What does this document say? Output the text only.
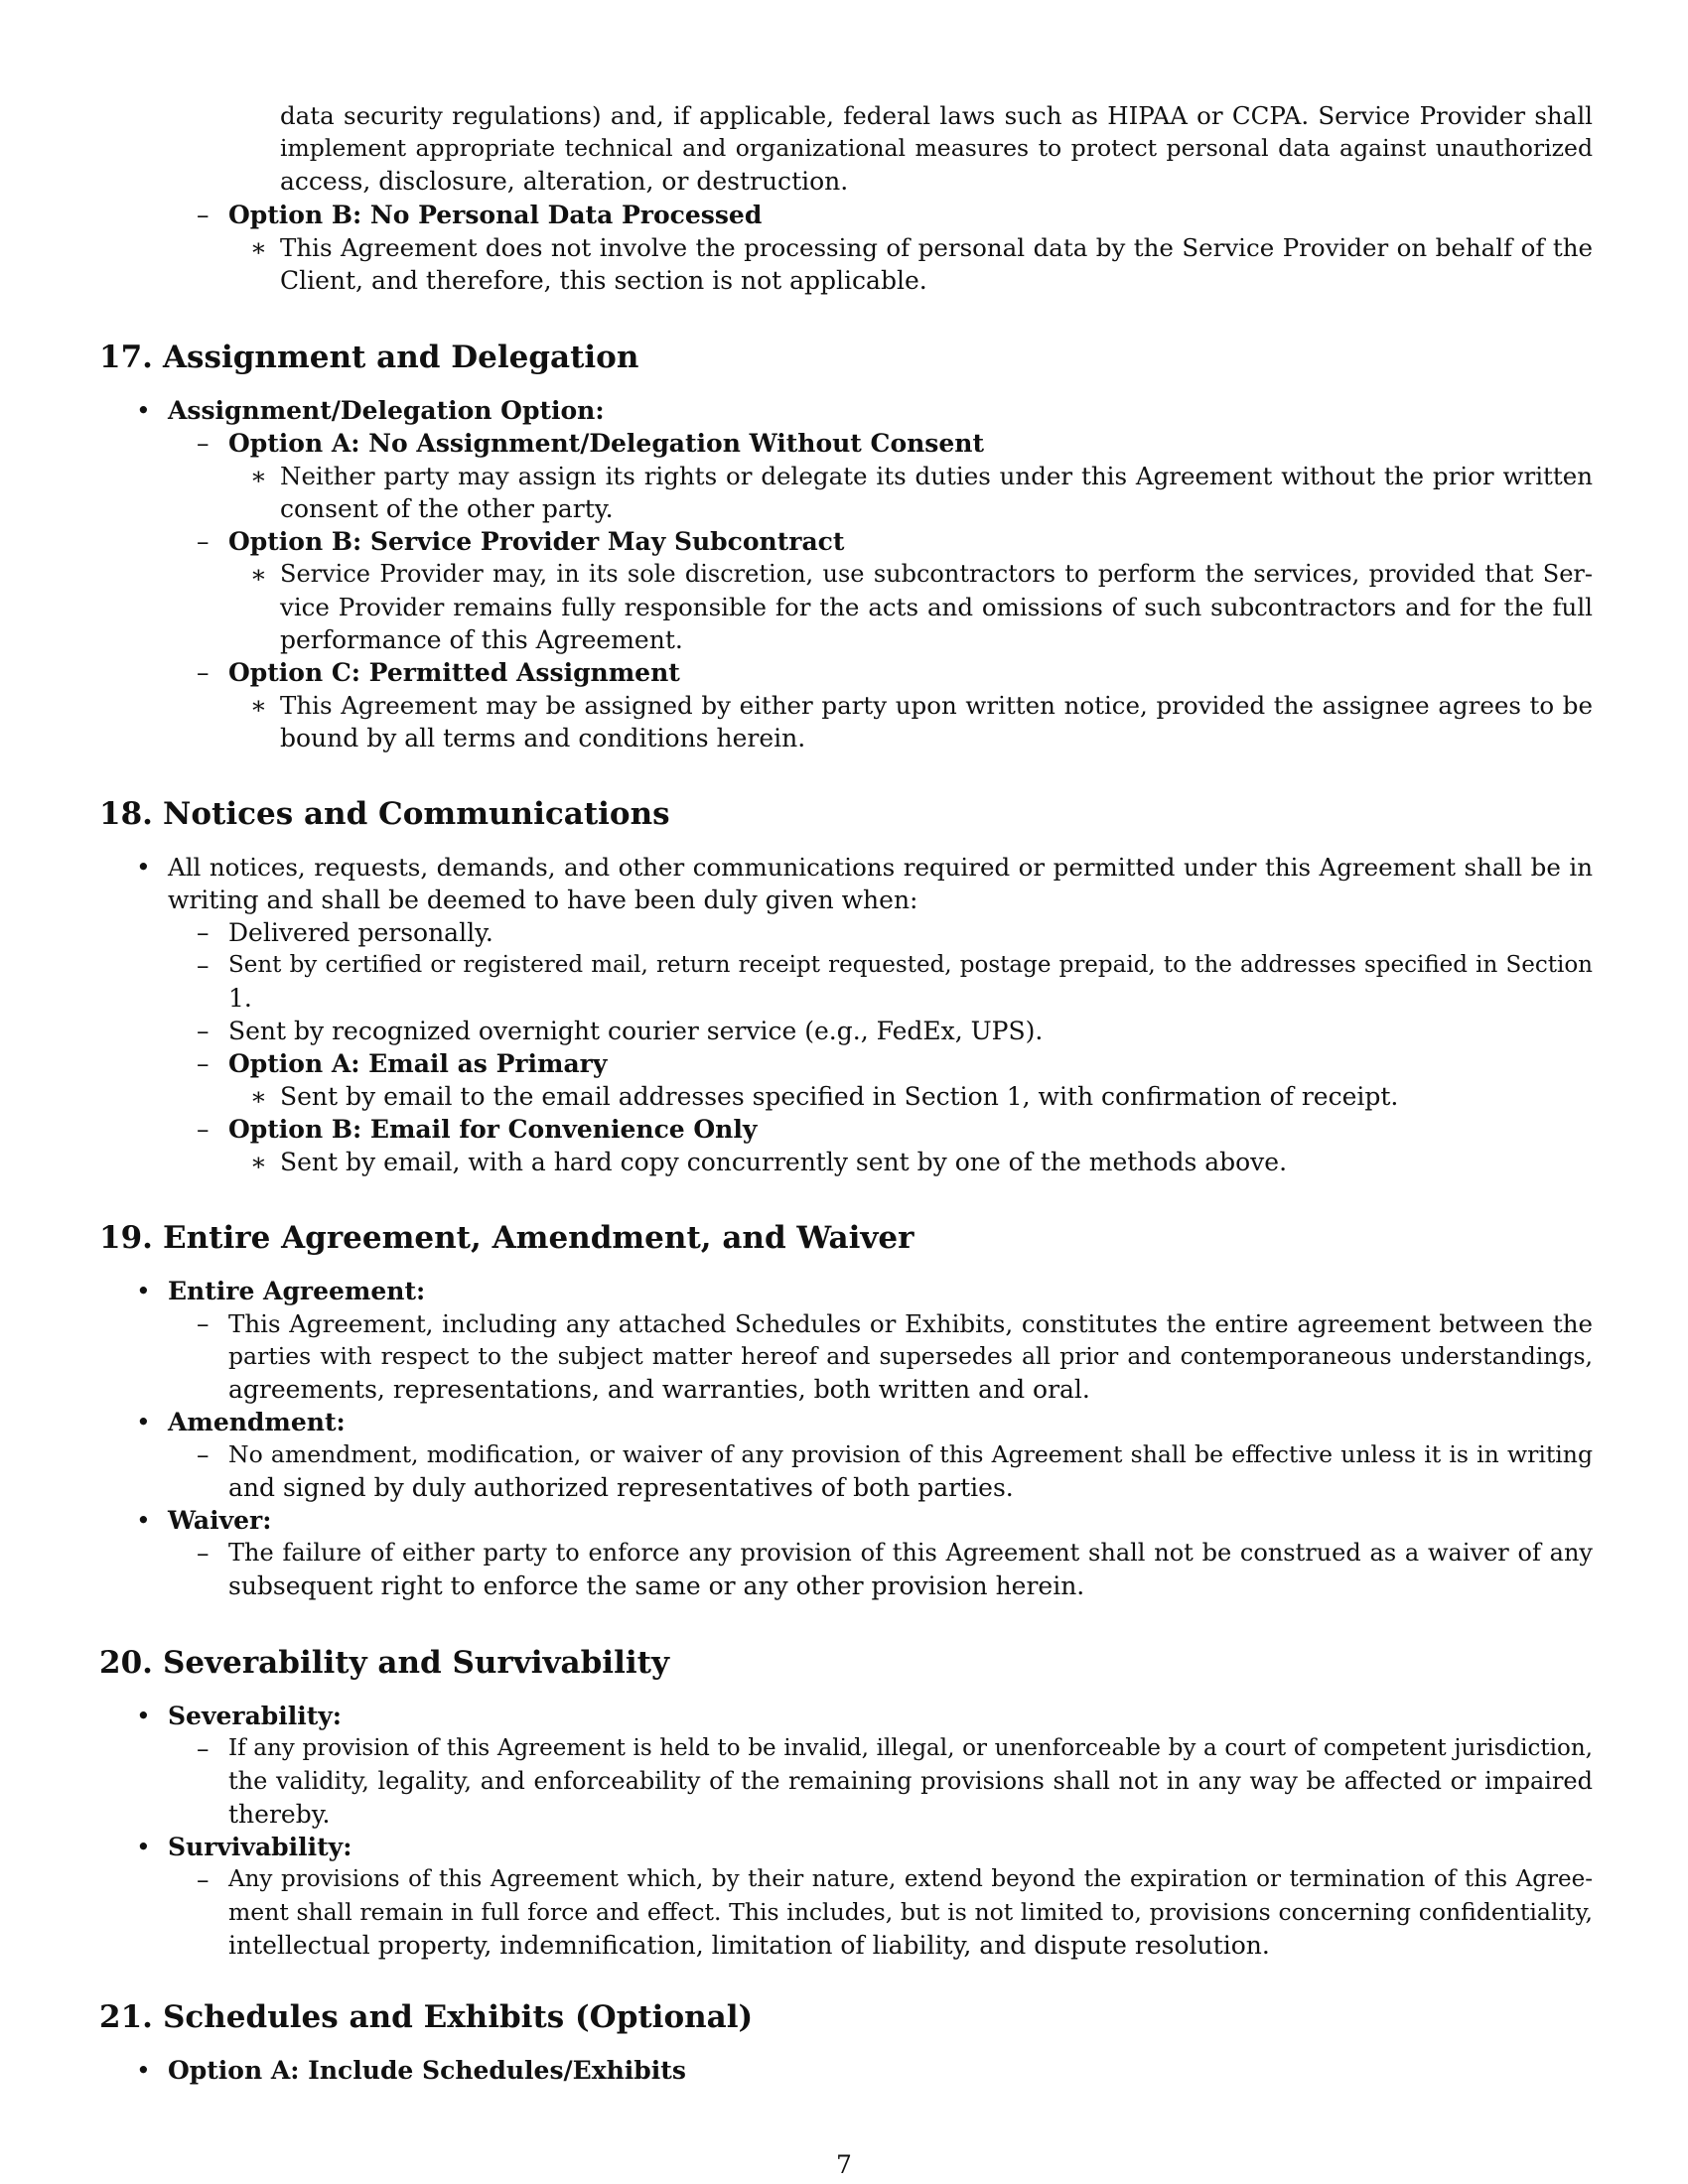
data security regulations) and, if applicable, federal laws such as HIPAA or CCPA. Service Provider shall
implement appropriate technical and organizational measures to protect personal data against unauthorized
access, disclosure, alteration, or destruction.
– Option B: No Personal Data Processed
∗ This Agreement does not involve the processing of personal data by the Service Provider on behalf of the
Client, and therefore, this section is not applicable.
17. Assignment and Delegation
• Assignment/Delegation Option:
– Option A: No Assignment/Delegation Without Consent
∗ Neither party may assign its rights or delegate its duties under this Agreement without the prior written
consent of the other party.
– Option B: Service Provider May Subcontract
∗ Service Provider may, in its sole discretion, use subcontractors to perform the services, provided that Ser-
vice Provider remains fully responsible for the acts and omissions of such subcontractors and for the full
performance of this Agreement.
– Option C: Permitted Assignment
∗ This Agreement may be assigned by either party upon written notice, provided the assignee agrees to be
bound by all terms and conditions herein.
18. Notices and Communications
• All notices, requests, demands, and other communications required or permitted under this Agreement shall be in
writing and shall be deemed to have been duly given when:
– Delivered personally.
– Sent by certified or registered mail, return receipt requested, postage prepaid, to the addresses specified in Section
1.
– Sent by recognized overnight courier service (e.g., FedEx, UPS).
– Option A: Email as Primary
∗ Sent by email to the email addresses specified in Section 1, with confirmation of receipt.
– Option B: Email for Convenience Only
∗ Sent by email, with a hard copy concurrently sent by one of the methods above.
19. Entire Agreement, Amendment, and Waiver
• Entire Agreement:
– This Agreement, including any attached Schedules or Exhibits, constitutes the entire agreement between the
parties with respect to the subject matter hereof and supersedes all prior and contemporaneous understandings,
agreements, representations, and warranties, both written and oral.
• Amendment:
– No amendment, modification, or waiver of any provision of this Agreement shall be effective unless it is in writing
and signed by duly authorized representatives of both parties.
• Waiver:
– The failure of either party to enforce any provision of this Agreement shall not be construed as a waiver of any
subsequent right to enforce the same or any other provision herein.
20. Severability and Survivability
• Severability:
– If any provision of this Agreement is held to be invalid, illegal, or unenforceable by a court of competent jurisdiction,
the validity, legality, and enforceability of the remaining provisions shall not in any way be affected or impaired
thereby.
• Survivability:
– Any provisions of this Agreement which, by their nature, extend beyond the expiration or termination of this Agree-
ment shall remain in full force and effect. This includes, but is not limited to, provisions concerning confidentiality,
intellectual property, indemnification, limitation of liability, and dispute resolution.
21. Schedules and Exhibits (Optional)
• Option A: Include Schedules/Exhibits
7
